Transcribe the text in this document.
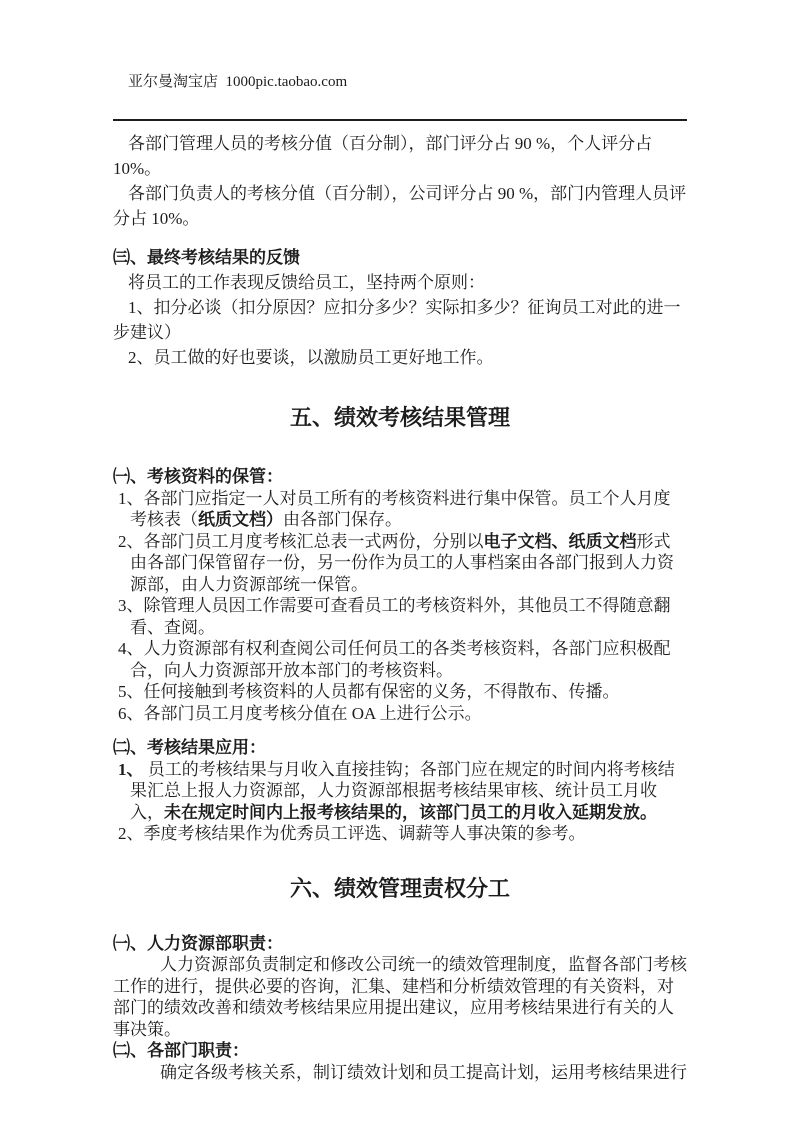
亚尔曼淘宝店  1000pic.taobao.com

各部门管理人员的考核分值（百分制），部门评分占 90 %，个人评分占 10%。

各部门负责人的考核分值（百分制），公司评分占 90 %，部门内管理人员评分占 10%。

㈢、最终考核结果的反馈

将员工的工作表现反馈给员工，坚持两个原则：

1、扣分必谈（扣分原因？应扣分多少？实际扣多少？征询员工对此的进一步建议）

2、员工做的好也要谈，以激励员工更好地工作。

五、绩效考核结果管理

㈠、考核资料的保管：

1、各部门应指定一人对员工所有的考核资料进行集中保管。员工个人月度考核表（纸质文档）由各部门保存。
2、各部门员工月度考核汇总表一式两份，分别以电子文档、纸质文档形式由各部门保管留存一份，另一份作为员工的人事档案由各部门报到人力资源部，由人力资源部统一保管。
3、除管理人员因工作需要可查看员工的考核资料外，其他员工不得随意翻看、查阅。
4、人力资源部有权利查阅公司任何员工的各类考核资料，各部门应积极配合，向人力资源部开放本部门的考核资料。
5、任何接触到考核资料的人员都有保密的义务，不得散布、传播。
6、各部门员工月度考核分值在 OA 上进行公示。

㈡、考核结果应用：

1、 员工的考核结果与月收入直接挂钩；各部门应在规定的时间内将考核结果汇总上报人力资源部，人力资源部根据考核结果审核、统计员工月收入，未在规定时间内上报考核结果的，该部门员工的月收入延期发放。
2、季度考核结果作为优秀员工评选、调薪等人事决策的参考。

六、绩效管理责权分工

㈠、人力资源部职责：

人力资源部负责制定和修改公司统一的绩效管理制度，监督各部门考核工作的进行，提供必要的咨询，汇集、建档和分析绩效管理的有关资料，对部门的绩效改善和绩效考核结果应用提出建议，应用考核结果进行有关的人事决策。

㈡、各部门职责：

确定各级考核关系，制订绩效计划和员工提高计划，运用考核结果进行
